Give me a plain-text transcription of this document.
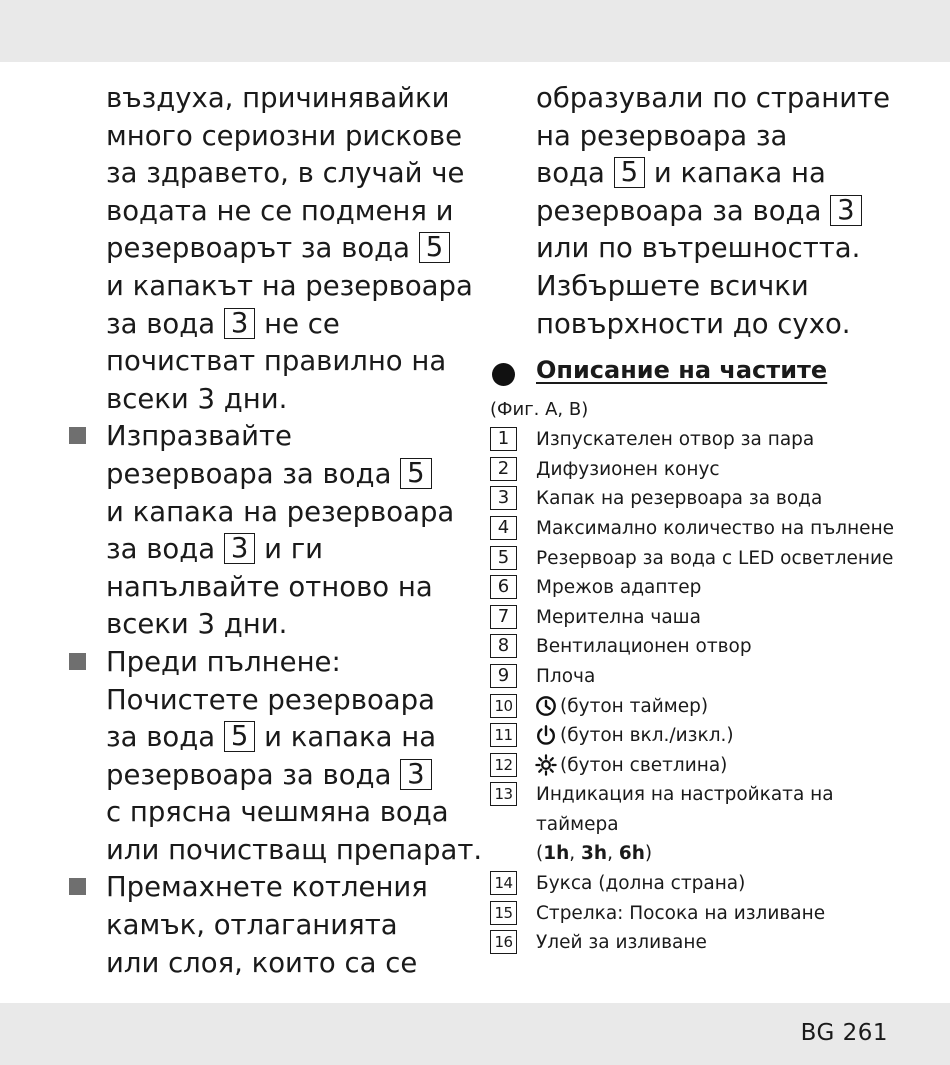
въздуха, причинявайки
много сериозни рискове
за здравето, в случай че
водата не се подменя и
резервоарът за вода 5
и капакът на резервоара
за вода 3 не се
почистват правилно на
всеки 3 дни.
Изпразвайте
резервоара за вода 5
и капака на резервоара
за вода 3 и ги
напълвайте отново на
всеки 3 дни.
Преди пълнене:
Почистете резервоара
за вода 5 и капака на
резервоара за вода 3
с прясна чешмяна вода
или почистващ препарат.
Премахнете котления
камък, отлаганията
или слоя, които са се
образували по страните
на резервоара за
вода 5 и капака на
резервоара за вода 3
или по вътрешността.
Избършете всички
повърхности до сухо.
Описание на частите
(Фиг. A, B)
1	Изпускателен отвор за пара
2	Дифузионен конус
3	Капак на резервоара за вода
4	Максимално количество на пълнене
5	Резервоар за вода с LED осветление
6	Мрежов адаптер
7	Мерителна чаша
8	Вентилационен отвор
9	Плоча
10	(бутон таймер)
11	(бутон вкл./изкл.)
12	(бутон светлина)
13 Индикация на настройката на
таймера
(1h, 3h, 6h)
14 Букса (долна страна)
15 Стрелка: Посока на изливане
16 Улей за изливане
BG 261
